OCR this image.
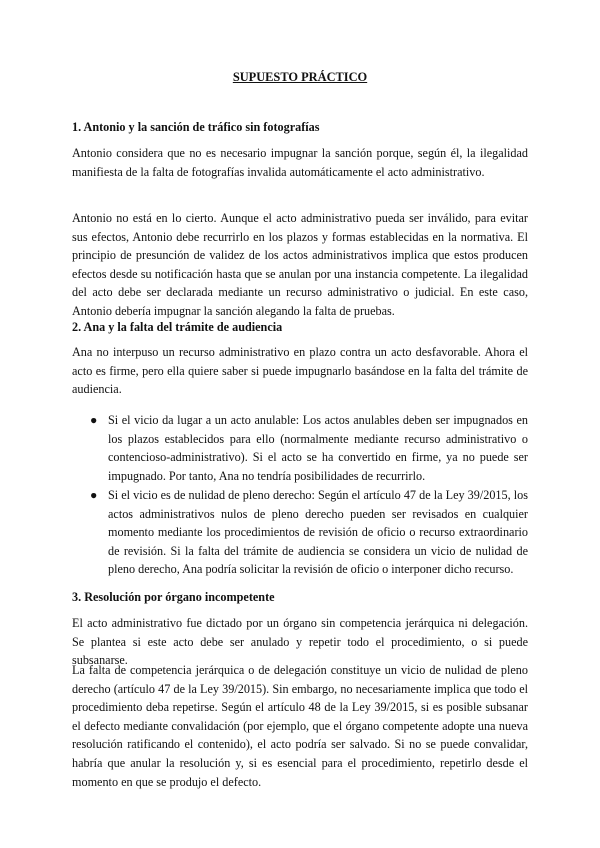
SUPUESTO PRÁCTICO
1. Antonio y la sanción de tráfico sin fotografías
Antonio considera que no es necesario impugnar la sanción porque, según él, la ilegalidad manifiesta de la falta de fotografías invalida automáticamente el acto administrativo.
Antonio no está en lo cierto. Aunque el acto administrativo pueda ser inválido, para evitar sus efectos, Antonio debe recurrirlo en los plazos y formas establecidas en la normativa. El principio de presunción de validez de los actos administrativos implica que estos producen efectos desde su notificación hasta que se anulan por una instancia competente. La ilegalidad del acto debe ser declarada mediante un recurso administrativo o judicial. En este caso, Antonio debería impugnar la sanción alegando la falta de pruebas.
2. Ana y la falta del trámite de audiencia
Ana no interpuso un recurso administrativo en plazo contra un acto desfavorable. Ahora el acto es firme, pero ella quiere saber si puede impugnarlo basándose en la falta del trámite de audiencia.
● Si el vicio da lugar a un acto anulable: Los actos anulables deben ser impugnados en los plazos establecidos para ello (normalmente mediante recurso administrativo o contencioso-administrativo). Si el acto se ha convertido en firme, ya no puede ser impugnado. Por tanto, Ana no tendría posibilidades de recurrirlo.
● Si el vicio es de nulidad de pleno derecho: Según el artículo 47 de la Ley 39/2015, los actos administrativos nulos de pleno derecho pueden ser revisados en cualquier momento mediante los procedimientos de revisión de oficio o recurso extraordinario de revisión. Si la falta del trámite de audiencia se considera un vicio de nulidad de pleno derecho, Ana podría solicitar la revisión de oficio o interponer dicho recurso.
3. Resolución por órgano incompetente
El acto administrativo fue dictado por un órgano sin competencia jerárquica ni delegación. Se plantea si este acto debe ser anulado y repetir todo el procedimiento, o si puede subsanarse.
La falta de competencia jerárquica o de delegación constituye un vicio de nulidad de pleno derecho (artículo 47 de la Ley 39/2015). Sin embargo, no necesariamente implica que todo el procedimiento deba repetirse. Según el artículo 48 de la Ley 39/2015, si es posible subsanar el defecto mediante convalidación (por ejemplo, que el órgano competente adopte una nueva resolución ratificando el contenido), el acto podría ser salvado. Si no se puede convalidar, habría que anular la resolución y, si es esencial para el procedimiento, repetirlo desde el momento en que se produjo el defecto.
